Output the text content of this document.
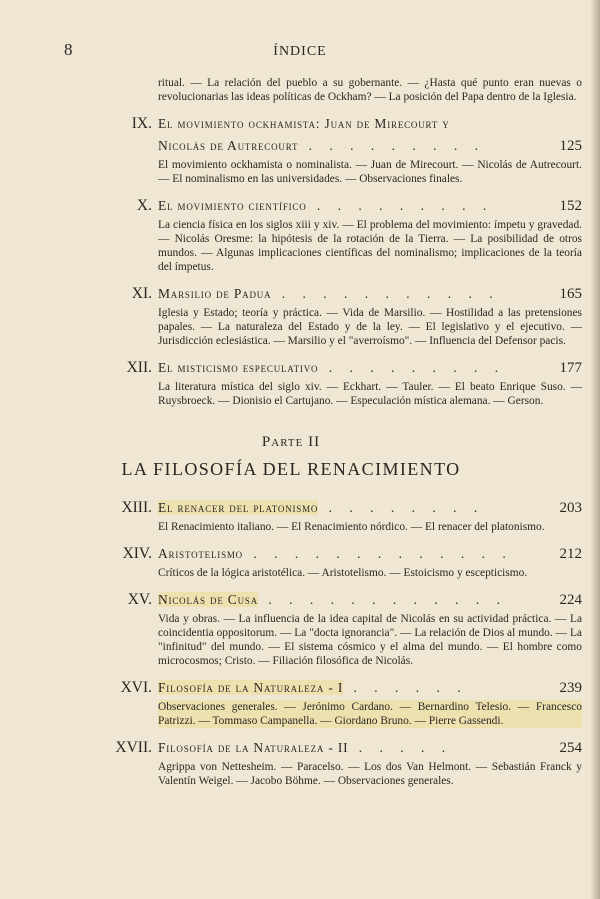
8	ÍNDICE
ritual. — La relación del pueblo a su gobernante. — ¿Hasta qué punto eran nuevas o revolucionarias las ideas políticas de Ockham? — La posición del Papa dentro de la Iglesia.
IX. El movimiento ockhamista: Juan de Mirecourt y
Nicolás de Autrecourt . . . . . . . . .	125
El movimiento ockhamista o nominalista. — Juan de Mirecourt. — Nicolás de Autrecourt. — El nominalismo en las universidades. — Observaciones finales.
X. El movimiento científico . . . . . . . . .	152
La ciencia física en los siglos xiii y xiv. — El problema del movimiento: ímpetu y gravedad. — Nicolás Oresme: la hipótesis de la rotación de la Tierra. — La posibilidad de otros mundos. — Algunas implicaciones científicas del nominalismo; implicaciones de la teoría del ímpetus.
XI. Marsilio de Padua . . . . . . . . . . .	165
Iglesia y Estado; teoría y práctica. — Vida de Marsilio. — Hostilidad a las pretensiones papales. — La naturaleza del Estado y de la ley. — El legislativo y el ejecutivo. — Jurisdicción eclesiástica. — Marsilio y el "averroísmo". — Influencia del Defensor pacis.
XII. El misticismo especulativo . . . . . . . . .	177
La literatura mística del siglo xiv. — Eckhart. — Tauler. — El beato Enrique Suso. — Ruysbroeck. — Dionisio el Cartujano. — Especulación mística alemana. — Gerson.
Parte II
LA FILOSOFÍA DEL RENACIMIENTO
XIII. El renacer del platonismo . . . . . . . .	203
El Renacimiento italiano. — El Renacimiento nórdico. — El renacer del platonismo.
XIV. Aristotelismo . . . . . . . . . . . . .	212
Críticos de la lógica aristotélica. — Aristotelismo. — Estoicismo y escepticismo.
XV. Nicolás de Cusa . . . . . . . . . . . .	224
Vida y obras. — La influencia de la idea capital de Nicolás en su actividad práctica. — La coincidentia oppositorum. — La "docta ignorancia". — La relación de Dios al mundo. — La "infinitud" del mundo. — El sistema cósmico y el alma del mundo. — El hombre como microcosmos; Cristo. — Filiación filosófica de Nicolás.
XVI. Filosofía de la Naturaleza - I . . . . . .	239
Observaciones generales. — Jerónimo Cardano. — Bernardino Telesio. — Francesco Patrizzi. — Tommaso Campanella. — Giordano Bruno. — Pierre Gassendi.
XVII. Filosofía de la Naturaleza - II . . . . .	254
Agrippa von Nettesheim. — Paracelso. — Los dos Van Helmont. — Sebastián Franck y Valentín Weigel. — Jacobo Böhme. — Observaciones generales.
